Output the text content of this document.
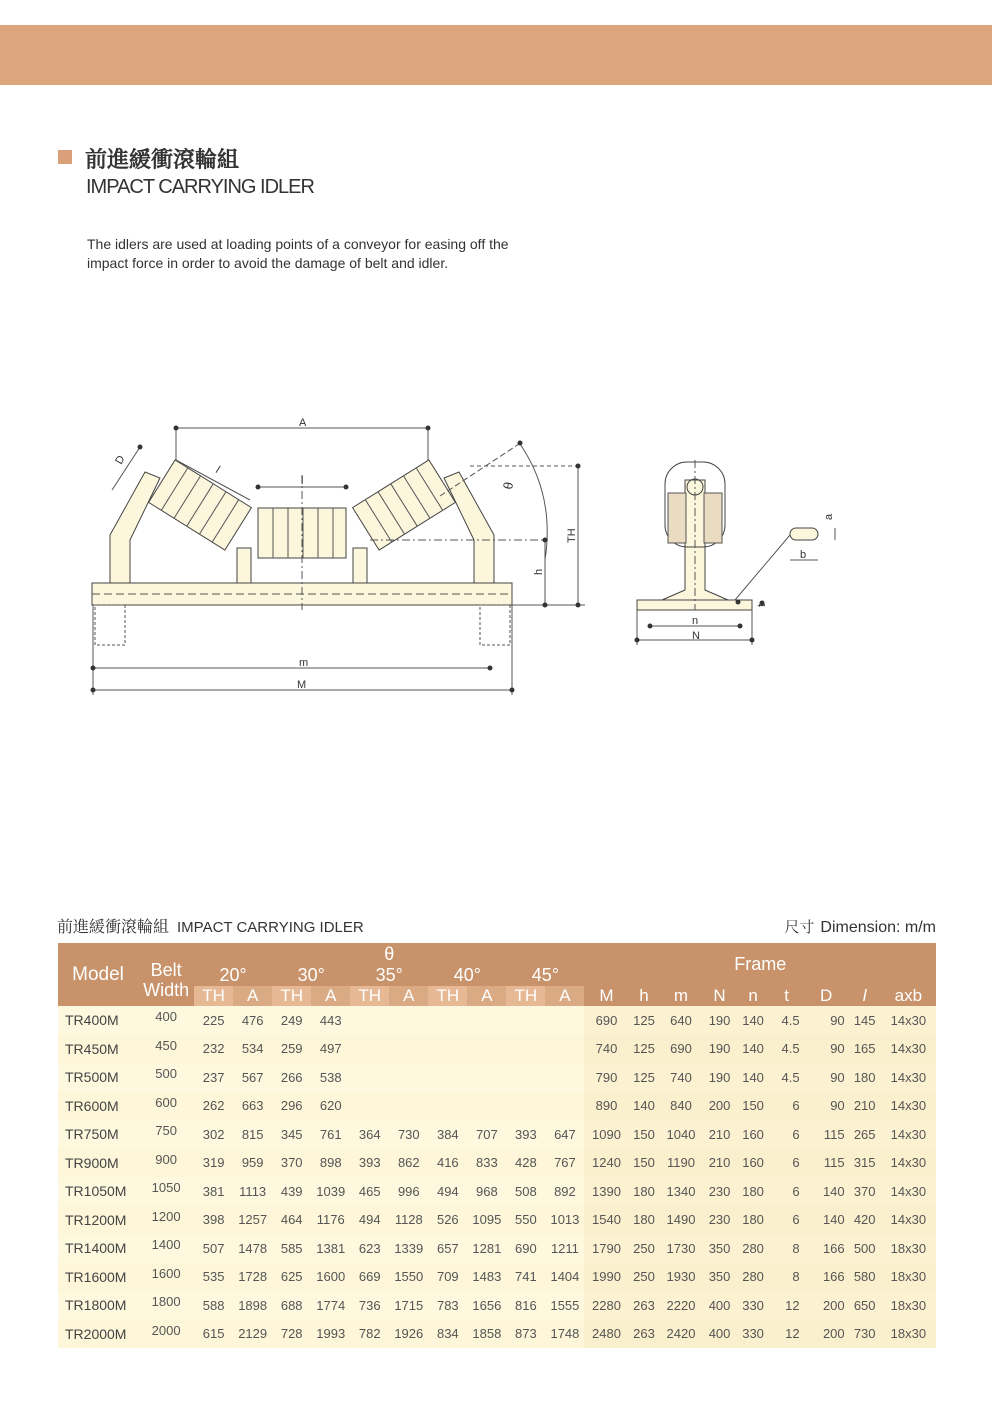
前進緩衝滾輪組
IMPACT CARRYING IDLER
The idlers are used at loading points of a conveyor for easing off the
impact force in order to avoid the damage of belt and idler.
A
l
l
D
θ
TH
h
m
M
a
b
t
n
N
前進緩衝滾輪組 IMPACT CARRYING IDLER	尺寸 Dimension: m/m
Model	Belt Width	θ										Frame								
		20°		30°		35°		40°		45°										
		TH	A	TH	A	TH	A	TH	A	TH	A	M	h	m	N	n	t	D	l	axb
TR400M	400	225	476	249	443							690	125	640	190	140	4.5	90	145	14x30
TR450M	450	232	534	259	497							740	125	690	190	140	4.5	90	165	14x30
TR500M	500	237	567	266	538							790	125	740	190	140	4.5	90	180	14x30
TR600M	600	262	663	296	620							890	140	840	200	150	6	90	210	14x30
TR750M	750	302	815	345	761	364	730	384	707	393	647	1090	150	1040	210	160	6	115	265	14x30
TR900M	900	319	959	370	898	393	862	416	833	428	767	1240	150	1190	210	160	6	115	315	14x30
TR1050M	1050	381	1113	439	1039	465	996	494	968	508	892	1390	180	1340	230	180	6	140	370	14x30
TR1200M	1200	398	1257	464	1176	494	1128	526	1095	550	1013	1540	180	1490	230	180	6	140	420	14x30
TR1400M	1400	507	1478	585	1381	623	1339	657	1281	690	1211	1790	250	1730	350	280	8	166	500	18x30
TR1600M	1600	535	1728	625	1600	669	1550	709	1483	741	1404	1990	250	1930	350	280	8	166	580	18x30
TR1800M	1800	588	1898	688	1774	736	1715	783	1656	816	1555	2280	263	2220	400	330	12	200	650	18x30
TR2000M	2000	615	2129	728	1993	782	1926	834	1858	873	1748	2480	263	2420	400	330	12	200	730	18x30
